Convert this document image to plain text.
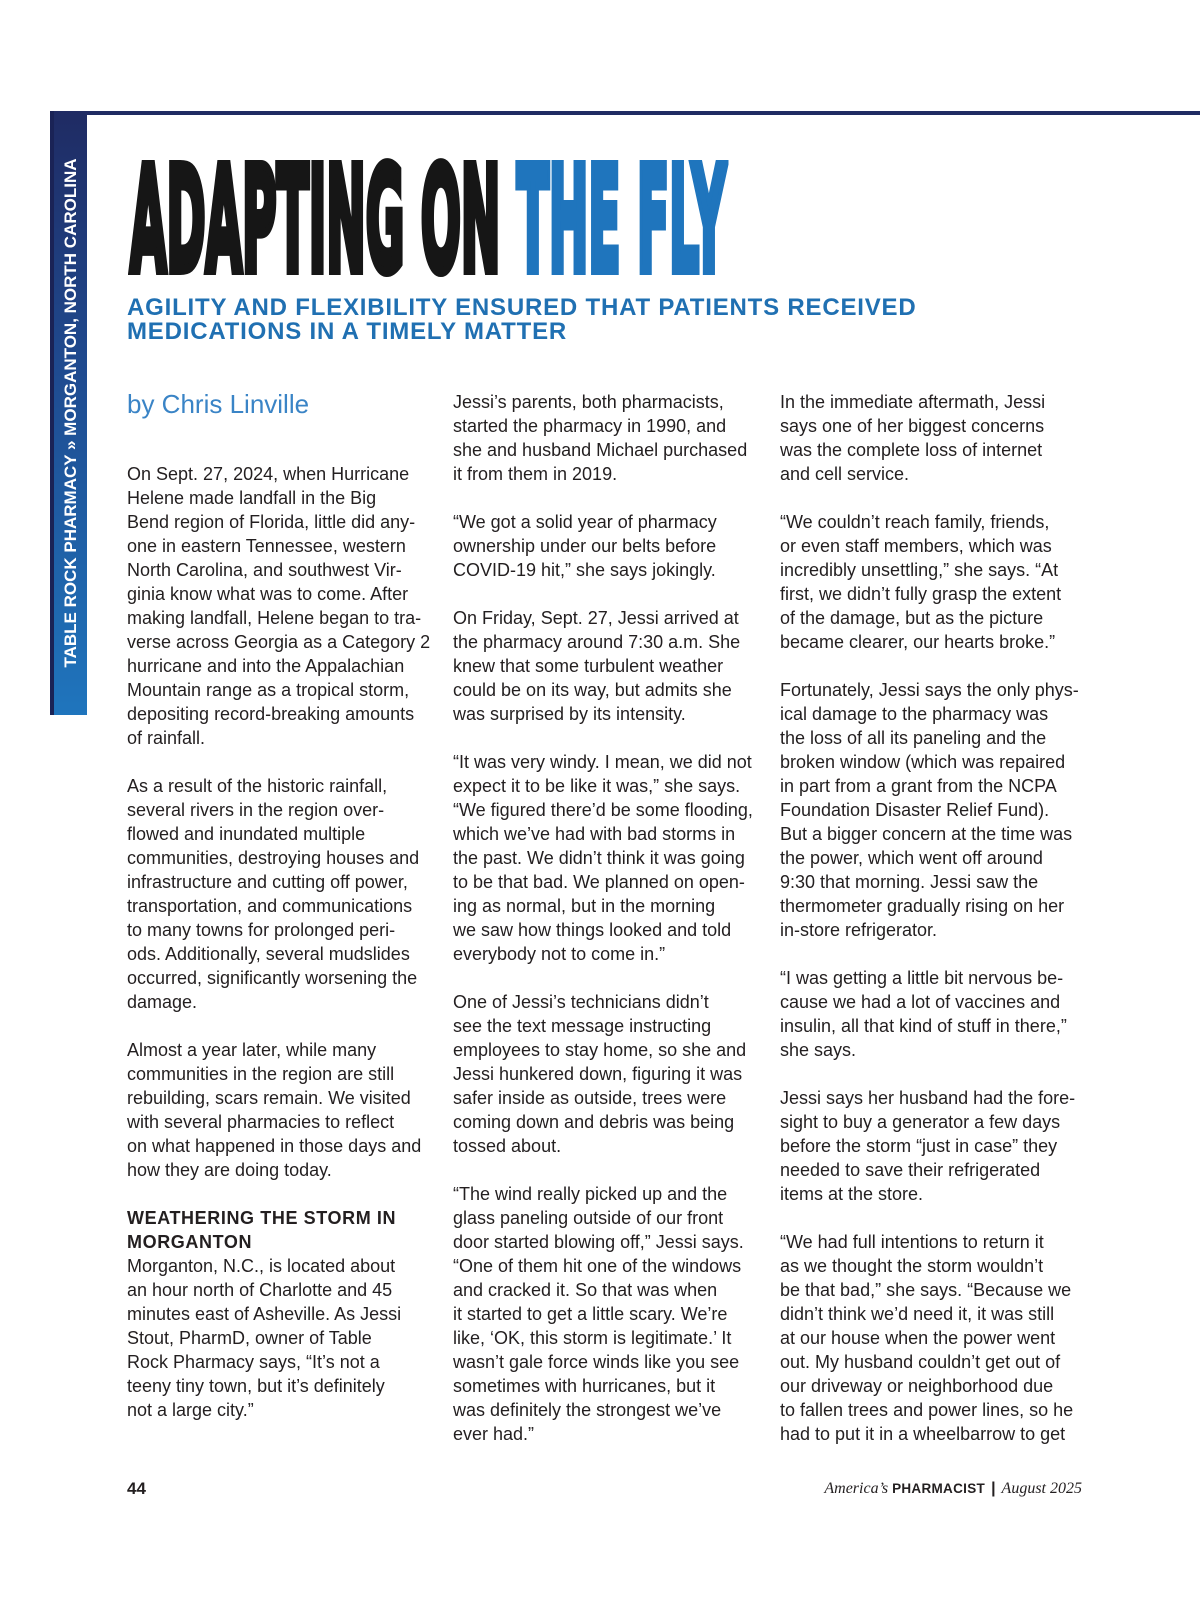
TABLE ROCK PHARMACY » MORGANTON, NORTH CAROLINA ADAPTING ON THE FLY
AGILITY AND FLEXIBILITY ENSURED THAT PATIENTS RECEIVED
MEDICATIONS IN A TIMELY MATTER
by Chris Linville
On Sept. 27, 2024, when Hurricane
Helene made landfall in the Big
Bend region of Florida, little did any-
one in eastern Tennessee, western
North Carolina, and southwest Vir-
ginia know what was to come. After
making landfall, Helene began to tra-
verse across Georgia as a Category 2
hurricane and into the Appalachian
Mountain range as a tropical storm,
depositing record-breaking amounts
of rainfall.
As a result of the historic rainfall,
several rivers in the region over-
flowed and inundated multiple
communities, destroying houses and
infrastructure and cutting off power,
transportation, and communications
to many towns for prolonged peri-
ods. Additionally, several mudslides
occurred, significantly worsening the
damage.
Almost a year later, while many
communities in the region are still
rebuilding, scars remain. We visited
with several pharmacies to reflect
on what happened in those days and
how they are doing today.
WEATHERING THE STORM IN
MORGANTON
Morganton, N.C., is located about
an hour north of Charlotte and 45
minutes east of Asheville. As Jessi
Stout, PharmD, owner of Table
Rock Pharmacy says, “It’s not a
teeny tiny town, but it’s definitely
not a large city.”
Jessi’s parents, both pharmacists,
started the pharmacy in 1990, and
she and husband Michael purchased
it from them in 2019.
“We got a solid year of pharmacy
ownership under our belts before
COVID-19 hit,” she says jokingly.
On Friday, Sept. 27, Jessi arrived at
the pharmacy around 7:30 a.m. She
knew that some turbulent weather
could be on its way, but admits she
was surprised by its intensity.
“It was very windy. I mean, we did not
expect it to be like it was,” she says.
“We figured there’d be some flooding,
which we’ve had with bad storms in
the past. We didn’t think it was going
to be that bad. We planned on open-
ing as normal, but in the morning
we saw how things looked and told
everybody not to come in.”
One of Jessi’s technicians didn’t
see the text message instructing
employees to stay home, so she and
Jessi hunkered down, figuring it was
safer inside as outside, trees were
coming down and debris was being
tossed about.
“The wind really picked up and the
glass paneling outside of our front
door started blowing off,” Jessi says.
“One of them hit one of the windows
and cracked it. So that was when
it started to get a little scary. We’re
like, ‘OK, this storm is legitimate.’ It
wasn’t gale force winds like you see
sometimes with hurricanes, but it
was definitely the strongest we’ve
ever had.”
In the immediate aftermath, Jessi
says one of her biggest concerns
was the complete loss of internet
and cell service.
“We couldn’t reach family, friends,
or even staff members, which was
incredibly unsettling,” she says. “At
first, we didn’t fully grasp the extent
of the damage, but as the picture
became clearer, our hearts broke.”
Fortunately, Jessi says the only phys-
ical damage to the pharmacy was
the loss of all its paneling and the
broken window (which was repaired
in part from a grant from the NCPA
Foundation Disaster Relief Fund).
But a bigger concern at the time was
the power, which went off around
9:30 that morning. Jessi saw the
thermometer gradually rising on her
in-store refrigerator.
“I was getting a little bit nervous be-
cause we had a lot of vaccines and
insulin, all that kind of stuff in there,”
she says.
Jessi says her husband had the fore-
sight to buy a generator a few days
before the storm “just in case” they
needed to save their refrigerated
items at the store.
“We had full intentions to return it
as we thought the storm wouldn’t
be that bad,” she says. “Because we
didn’t think we’d need it, it was still
at our house when the power went
out. My husband couldn’t get out of
our driveway or neighborhood due
to fallen trees and power lines, so he
had to put it in a wheelbarrow to get
44	America’s PHARMACIST | August 2025
